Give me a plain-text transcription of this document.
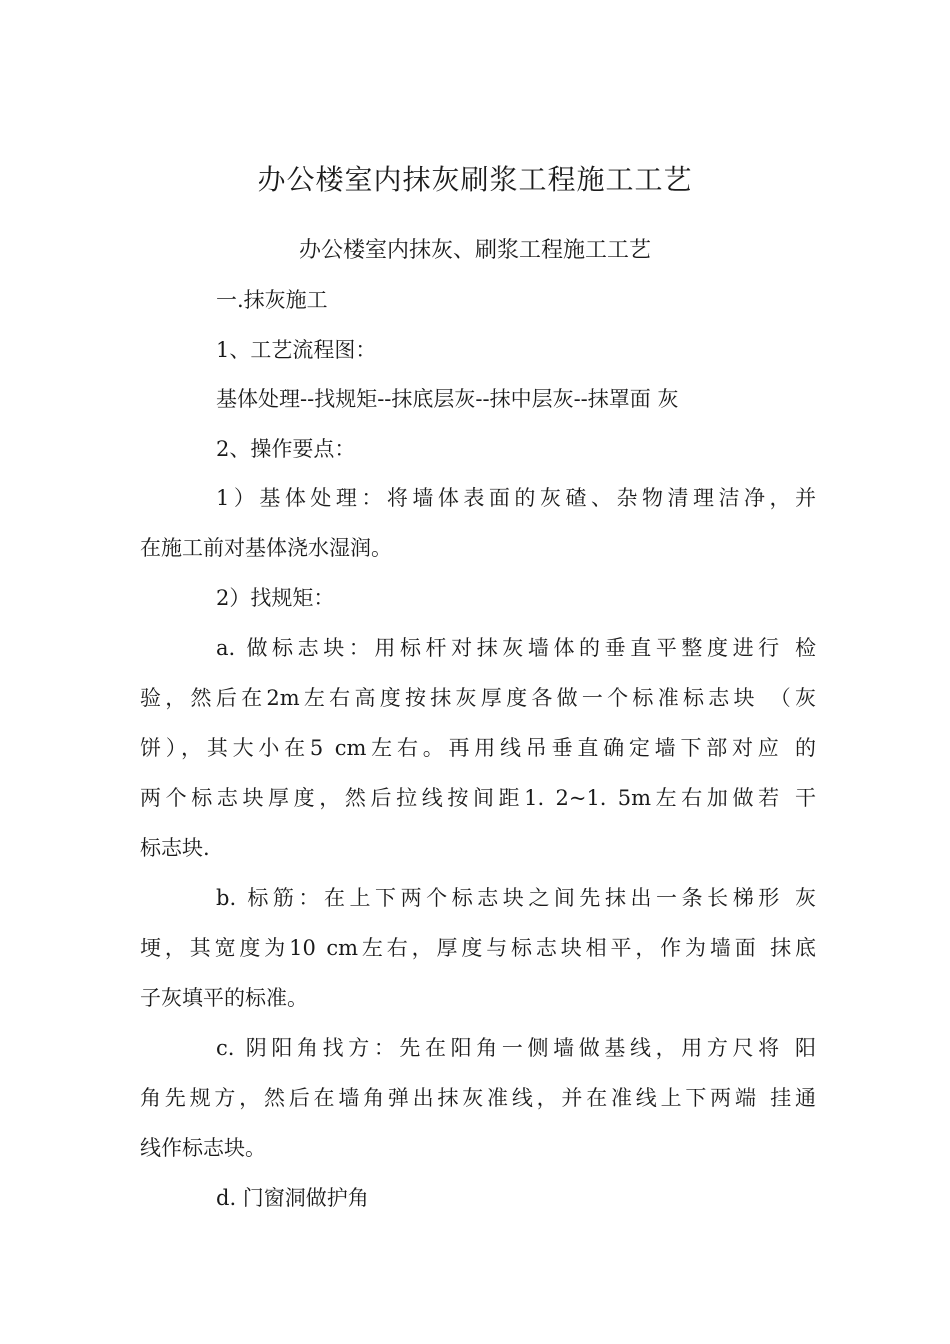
办公楼室内抹灰刷浆工程施工工艺
办公楼室内抹灰、刷浆工程施工工艺
一.抹灰施工
1、工艺流程图：
基体处理--找规矩--抹底层灰--抹中层灰--抹罩面 灰
2、操作要点：
1）基体处理：将墙体表面的灰碴、杂物清理洁净，并
在施工前对基体浇水湿润。
2）找规矩：
a. 做标志块：用标杆对抹灰墙体的垂直平整度进行 检
验，然后在2m左右高度按抹灰厚度各做一个标准标志块 （灰
饼），其大小在5 cm左右。再用线吊垂直确定墙下部对应 的
两个标志块厚度，然后拉线按间距1. 2~1. 5m左右加做若 干
标志块.
b. 标筋：在上下两个标志块之间先抹出一条长梯形 灰
埂，其宽度为10 cm左右，厚度与标志块相平，作为墙面 抹底
子灰填平的标准。
c. 阴阳角找方：先在阳角一侧墙做基线，用方尺将 阳
角先规方，然后在墙角弹出抹灰准线，并在准线上下两端 挂通
线作标志块。
d. 门窗洞做护角
